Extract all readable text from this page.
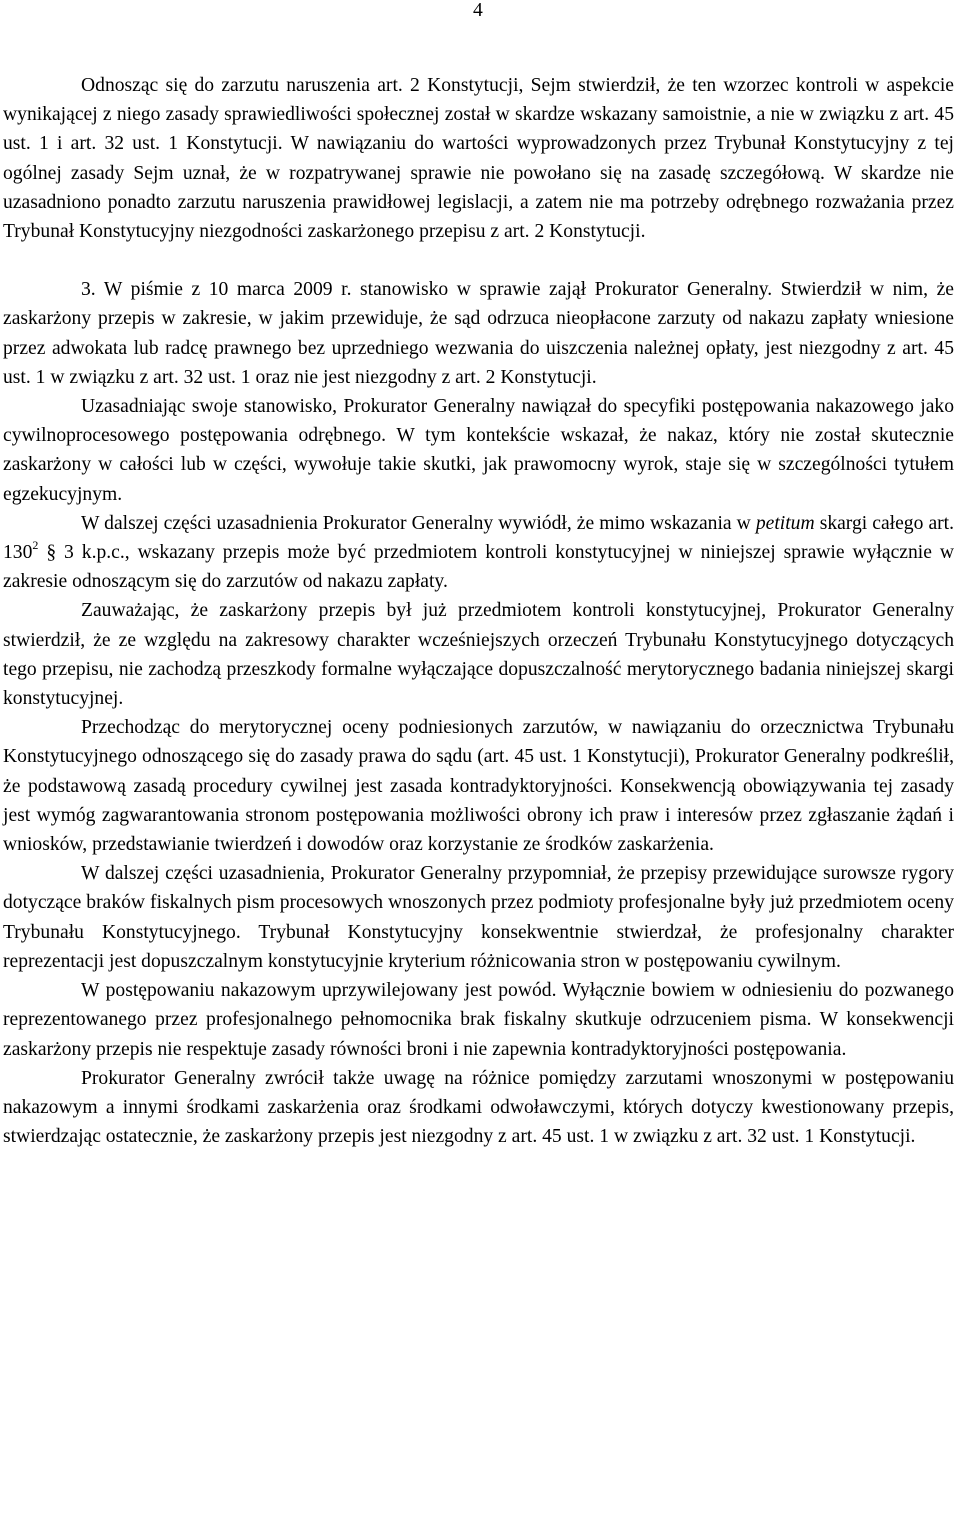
4

Odnosząc się do zarzutu naruszenia art. 2 Konstytucji, Sejm stwierdził, że ten wzorzec kontroli w aspekcie wynikającej z niego zasady sprawiedliwości społecznej został w skardze wskazany samoistnie, a nie w związku z art. 45 ust. 1 i art. 32 ust. 1 Konstytucji. W nawiązaniu do wartości wyprowadzonych przez Trybunał Konstytucyjny z tej ogólnej zasady Sejm uznał, że w rozpatrywanej sprawie nie powołano się na zasadę szczegółową. W skardze nie uzasadniono ponadto zarzutu naruszenia prawidłowej legislacji, a zatem nie ma potrzeby odrębnego rozważania przez Trybunał Konstytucyjny niezgodności zaskarżonego przepisu z art. 2 Konstytucji.

3. W piśmie z 10 marca 2009 r. stanowisko w sprawie zajął Prokurator Generalny. Stwierdził w nim, że zaskarżony przepis w zakresie, w jakim przewiduje, że sąd odrzuca nieopłacone zarzuty od nakazu zapłaty wniesione przez adwokata lub radcę prawnego bez uprzedniego wezwania do uiszczenia należnej opłaty, jest niezgodny z art. 45 ust. 1 w związku z art. 32 ust. 1 oraz nie jest niezgodny z art. 2 Konstytucji.

Uzasadniając swoje stanowisko, Prokurator Generalny nawiązał do specyfiki postępowania nakazowego jako cywilnoprocesowego postępowania odrębnego. W tym kontekście wskazał, że nakaz, który nie został skutecznie zaskarżony w całości lub w części, wywołuje takie skutki, jak prawomocny wyrok, staje się w szczególności tytułem egzekucyjnym.

W dalszej części uzasadnienia Prokurator Generalny wywiódł, że mimo wskazania w petitum skargi całego art. $130^2$ § 3 k.p.c., wskazany przepis może być przedmiotem kontroli konstytucyjnej w niniejszej sprawie wyłącznie w zakresie odnoszącym się do zarzutów od nakazu zapłaty.

Zauważając, że zaskarżony przepis był już przedmiotem kontroli konstytucyjnej, Prokurator Generalny stwierdził, że ze względu na zakresowy charakter wcześniejszych orzeczeń Trybunału Konstytucyjnego dotyczących tego przepisu, nie zachodzą przeszkody formalne wyłączające dopuszczalność merytorycznego badania niniejszej skargi konstytucyjnej.

Przechodząc do merytorycznej oceny podniesionych zarzutów, w nawiązaniu do orzecznictwa Trybunału Konstytucyjnego odnoszącego się do zasady prawa do sądu (art. 45 ust. 1 Konstytucji), Prokurator Generalny podkreślił, że podstawową zasadą procedury cywilnej jest zasada kontradyktoryjności. Konsekwencją obowiązywania tej zasady jest wymóg zagwarantowania stronom postępowania możliwości obrony ich praw i interesów przez zgłaszanie żądań i wniosków, przedstawianie twierdzeń i dowodów oraz korzystanie ze środków zaskarżenia.

W dalszej części uzasadnienia, Prokurator Generalny przypomniał, że przepisy przewidujące surowsze rygory dotyczące braków fiskalnych pism procesowych wnoszonych przez podmioty profesjonalne były już przedmiotem oceny Trybunału Konstytucyjnego. Trybunał Konstytucyjny konsekwentnie stwierdzał, że profesjonalny charakter reprezentacji jest dopuszczalnym konstytucyjnie kryterium różnicowania stron w postępowaniu cywilnym.

W postępowaniu nakazowym uprzywilejowany jest powód. Wyłącznie bowiem w odniesieniu do pozwanego reprezentowanego przez profesjonalnego pełnomocnika brak fiskalny skutkuje odrzuceniem pisma. W konsekwencji zaskarżony przepis nie respektuje zasady równości broni i nie zapewnia kontradyktoryjności postępowania.

Prokurator Generalny zwrócił także uwagę na różnice pomiędzy zarzutami wnoszonymi w postępowaniu nakazowym a innymi środkami zaskarżenia oraz środkami odwoławczymi, których dotyczy kwestionowany przepis, stwierdzając ostatecznie, że zaskarżony przepis jest niezgodny z art. 45 ust. 1 w związku z art. 32 ust. 1 Konstytucji.
